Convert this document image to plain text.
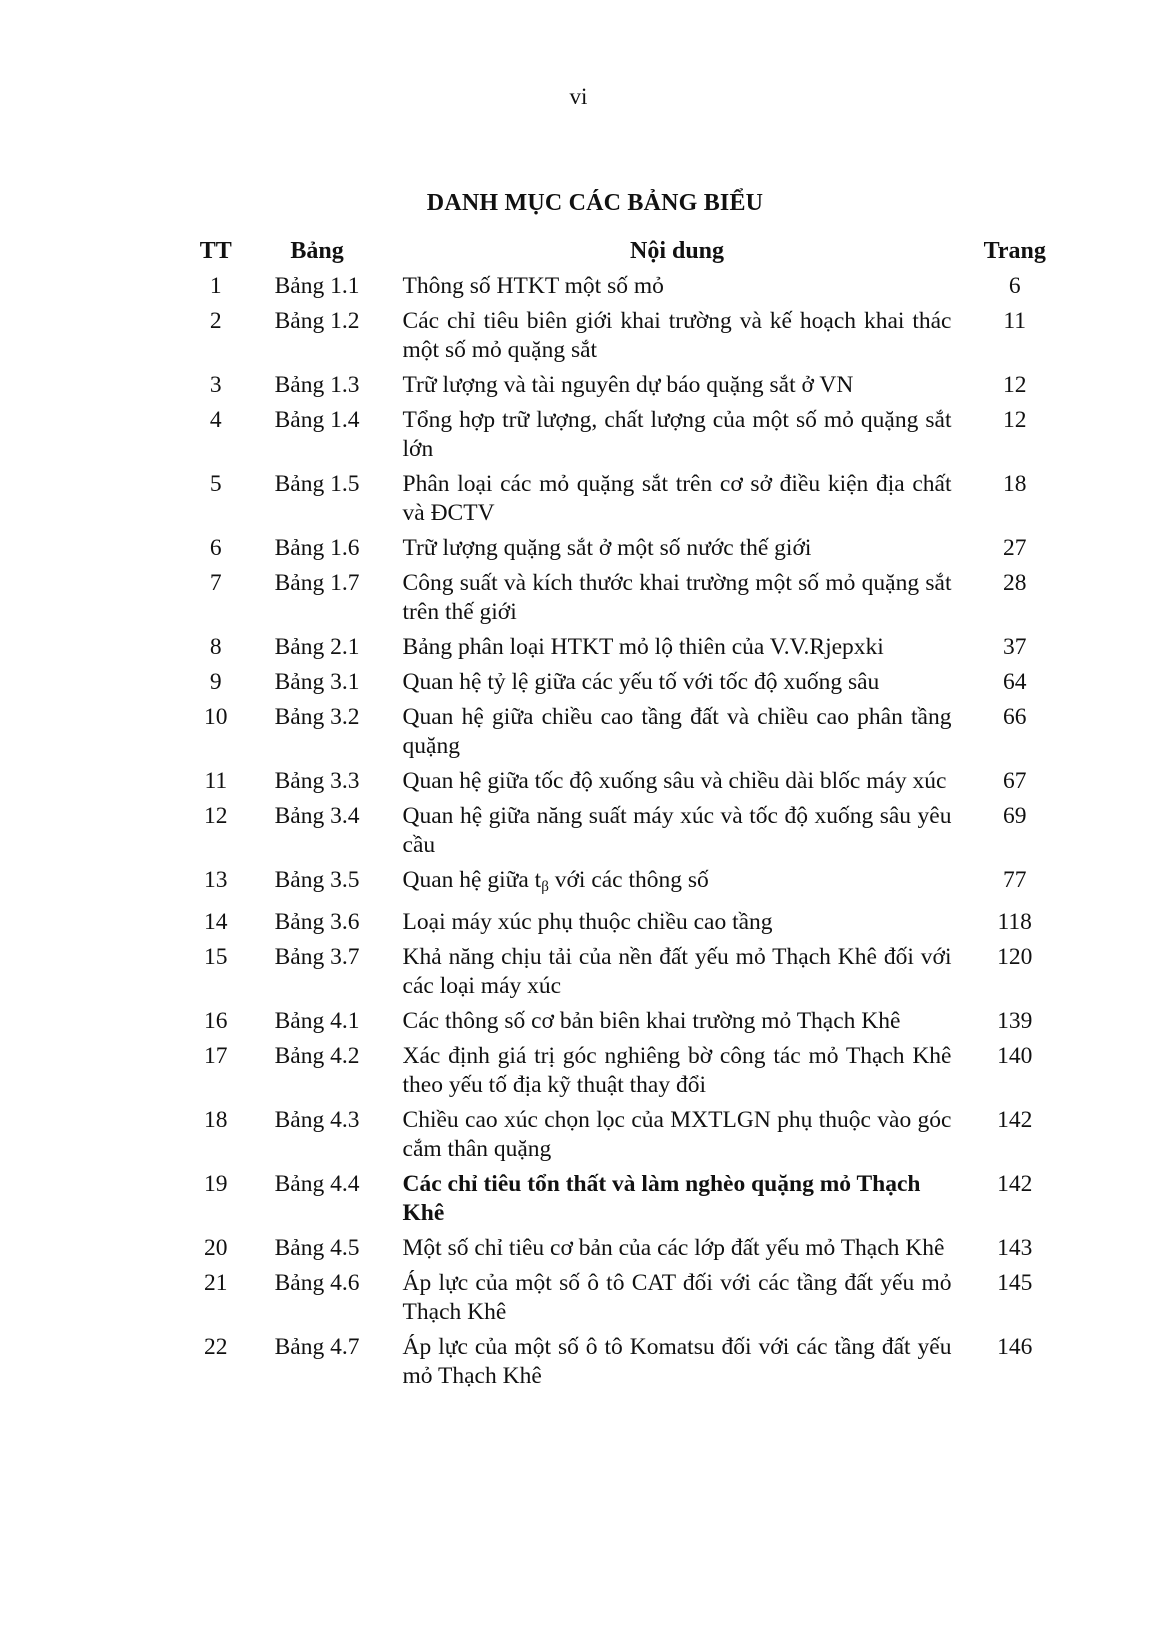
vi
DANH MỤC CÁC BẢNG BIỂU
TT	Bảng	Nội dung	Trang
1	Bảng 1.1	Thông số HTKT một số mỏ	6
2	Bảng 1.2	Các chỉ tiêu biên giới khai trường và kế hoạch khai thác một số mỏ quặng sắt	11
3	Bảng 1.3	Trữ lượng và tài nguyên dự báo quặng sắt ở VN	12
4	Bảng 1.4	Tổng hợp trữ lượng, chất lượng của một số mỏ quặng sắt lớn	12
5	Bảng 1.5	Phân loại các mỏ quặng sắt trên cơ sở điều kiện địa chất và ĐCTV	18
6	Bảng 1.6	Trữ lượng quặng sắt ở một số nước thế giới	27
7	Bảng 1.7	Công suất và kích thước khai trường một số mỏ quặng sắt trên thế giới	28
8	Bảng 2.1	Bảng phân loại HTKT mỏ lộ thiên của V.V.Rjepxki	37
9	Bảng 3.1	Quan hệ tỷ lệ giữa các yếu tố với tốc độ xuống sâu	64
10	Bảng 3.2	Quan hệ giữa chiều cao tầng đất và chiều cao phân tầng quặng	66
11	Bảng 3.3	Quan hệ giữa tốc độ xuống sâu và chiều dài blốc máy xúc	67
12	Bảng 3.4	Quan hệ giữa năng suất máy xúc và tốc độ xuống sâu yêu cầu	69
13	Bảng 3.5	Quan hệ giữa $t_\beta$ với các thông số	77
14	Bảng 3.6	Loại máy xúc phụ thuộc chiều cao tầng	118
15	Bảng 3.7	Khả năng chịu tải của nền đất yếu mỏ Thạch Khê đối với các loại máy xúc	120
16	Bảng 4.1	Các thông số cơ bản biên khai trường mỏ Thạch Khê	139
17	Bảng 4.2	Xác định giá trị góc nghiêng bờ công tác mỏ Thạch Khê theo yếu tố địa kỹ thuật thay đổi	140
18	Bảng 4.3	Chiều cao xúc chọn lọc của MXTLGN phụ thuộc vào góc cắm thân quặng	142
19	Bảng 4.4	Các chỉ tiêu tổn thất và làm nghèo quặng mỏ Thạch Khê	142
20	Bảng 4.5	Một số chỉ tiêu cơ bản của các lớp đất yếu mỏ Thạch Khê	143
21	Bảng 4.6	Áp lực của một số ô tô CAT đối với các tầng đất yếu mỏ Thạch Khê	145
22	Bảng 4.7	Áp lực của một số ô tô Komatsu đối với các tầng đất yếu mỏ Thạch Khê	146
